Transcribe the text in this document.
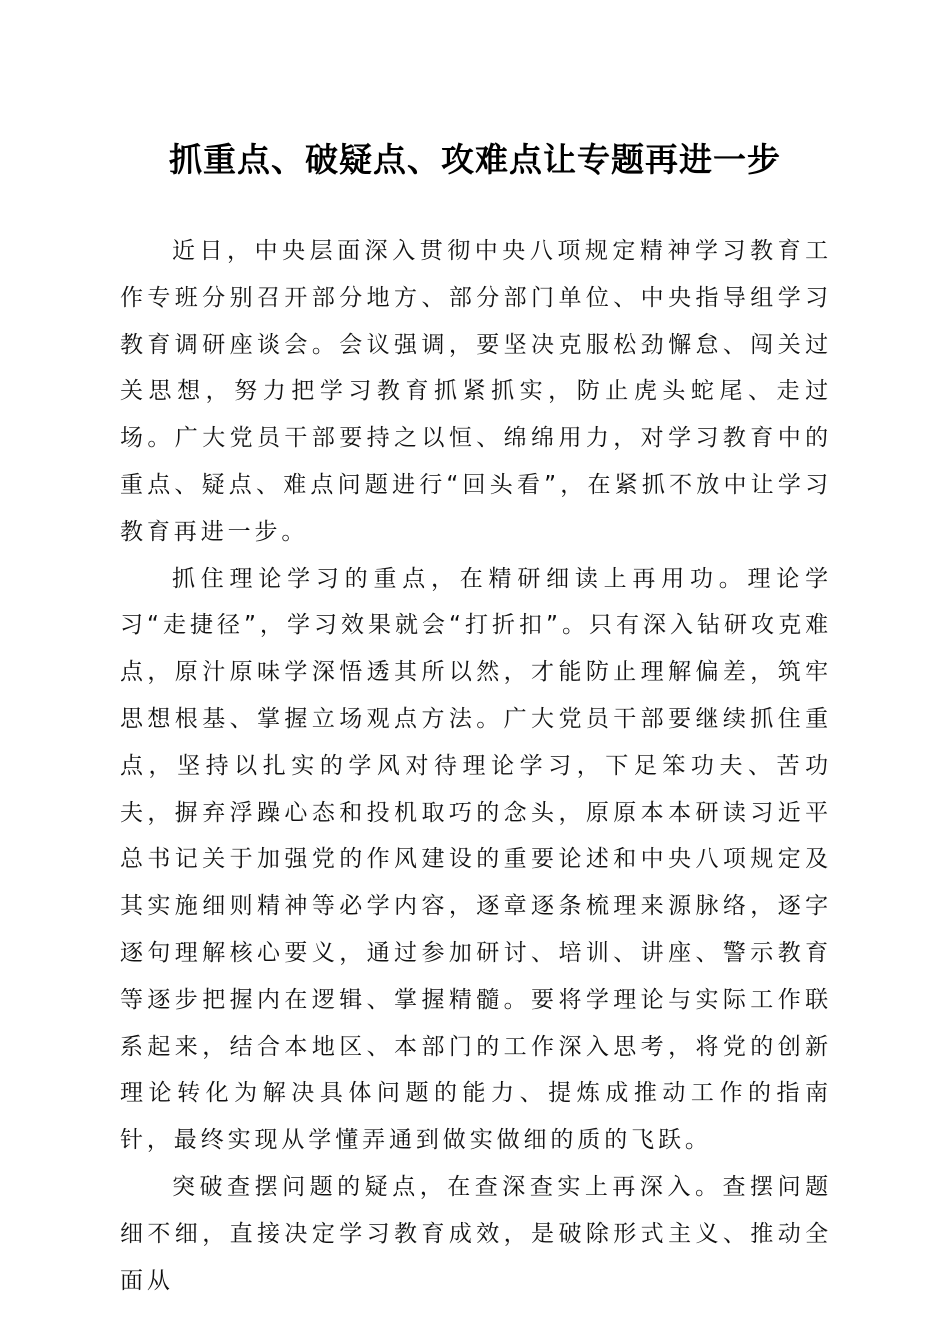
抓重点、破疑点、攻难点让专题再进一步

近日，中央层面深入贯彻中央八项规定精神学习教育工作专班分别召开部分地方、部分部门单位、中央指导组学习教育调研座谈会。会议强调，要坚决克服松劲懈怠、闯关过关思想，努力把学习教育抓紧抓实，防止虎头蛇尾、走过场。广大党员干部要持之以恒、绵绵用力，对学习教育中的重点、疑点、难点问题进行“回头看”，在紧抓不放中让学习教育再进一步。

抓住理论学习的重点，在精研细读上再用功。理论学习“走捷径”，学习效果就会“打折扣”。只有深入钻研攻克难点，原汁原味学深悟透其所以然，才能防止理解偏差，筑牢思想根基、掌握立场观点方法。广大党员干部要继续抓住重点，坚持以扎实的学风对待理论学习，下足笨功夫、苦功夫，摒弃浮躁心态和投机取巧的念头，原原本本研读习近平总书记关于加强党的作风建设的重要论述和中央八项规定及其实施细则精神等必学内容，逐章逐条梳理来源脉络，逐字逐句理解核心要义，通过参加研讨、培训、讲座、警示教育等逐步把握内在逻辑、掌握精髓。要将学理论与实际工作联系起来，结合本地区、本部门的工作深入思考，将党的创新理论转化为解决具体问题的能力、提炼成推动工作的指南针，最终实现从学懂弄通到做实做细的质的飞跃。

突破查摆问题的疑点，在查深查实上再深入。查摆问题细不细，直接决定学习教育成效，是破除形式主义、推动全面从
